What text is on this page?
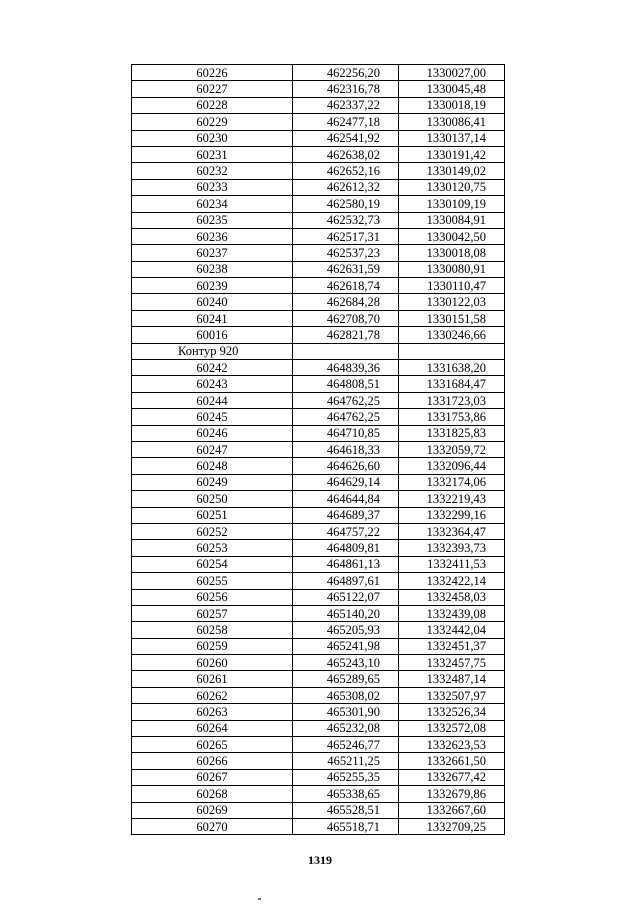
60226	462256,20	1330027,00
60227	462316,78	1330045,48
60228	462337,22	1330018,19
60229	462477,18	1330086,41
60230	462541,92	1330137,14
60231	462638,02	1330191,42
60232	462652,16	1330149,02
60233	462612,32	1330120,75
60234	462580,19	1330109,19
60235	462532,73	1330084,91
60236	462517,31	1330042,50
60237	462537,23	1330018,08
60238	462631,59	1330080,91
60239	462618,74	1330110,47
60240	462684,28	1330122,03
60241	462708,70	1330151,58
60016	462821,78	1330246,66
Контур 920		
60242	464839,36	1331638,20
60243	464808,51	1331684,47
60244	464762,25	1331723,03
60245	464762,25	1331753,86
60246	464710,85	1331825,83
60247	464618,33	1332059,72
60248	464626,60	1332096,44
60249	464629,14	1332174,06
60250	464644,84	1332219,43
60251	464689,37	1332299,16
60252	464757,22	1332364,47
60253	464809,81	1332393,73
60254	464861,13	1332411,53
60255	464897,61	1332422,14
60256	465122,07	1332458,03
60257	465140,20	1332439,08
60258	465205,93	1332442,04
60259	465241,98	1332451,37
60260	465243,10	1332457,75
60261	465289,65	1332487,14
60262	465308,02	1332507,97
60263	465301,90	1332526,34
60264	465232,08	1332572,08
60265	465246,77	1332623,53
60266	465211,25	1332661,50
60267	465255,35	1332677,42
60268	465338,65	1332679,86
60269	465528,51	1332667,60
60270	465518,71	1332709,25
1319
